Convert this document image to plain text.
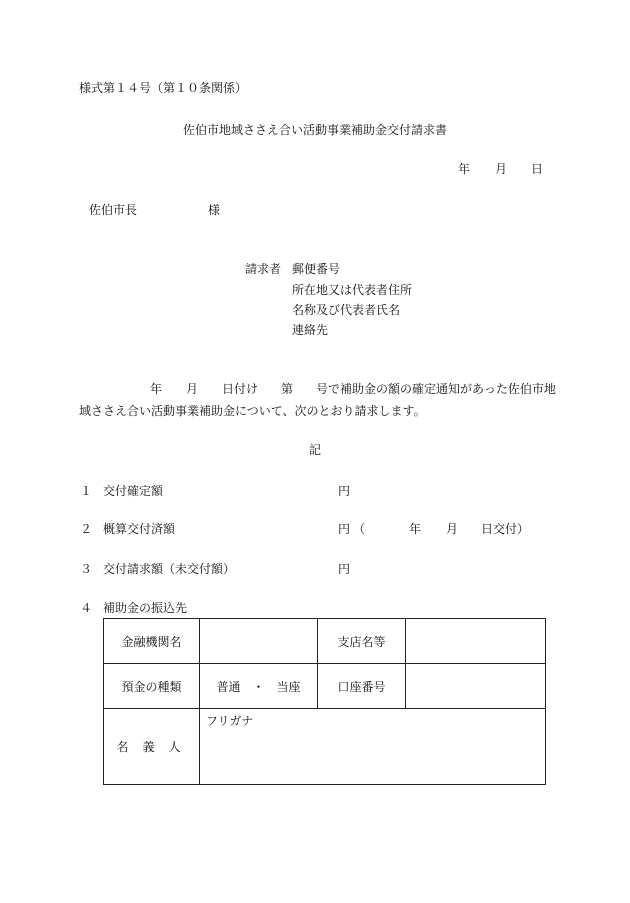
様式第１４号（第１０条関係）
佐伯市地域ささえ合い活動事業補助金交付請求書
年 月 日
佐伯市長	様
請求者 郵便番号
所在地又は代表者住所
名称及び代表者氏名
連絡先
年 月 日付け 第 号で補助金の額の確定通知があった佐伯市地
域ささえ合い活動事業補助金について、次のとおり請求します。
記
１ 交付確定額	円
２ 概算交付済額	円 （	年 月 日交付）
３ 交付請求額（未交付額）	円
４ 補助金の振込先
金融機関名		支店名等	
預金の種類	普通　・　当座	口座番号	
名義人	フリガナ		
